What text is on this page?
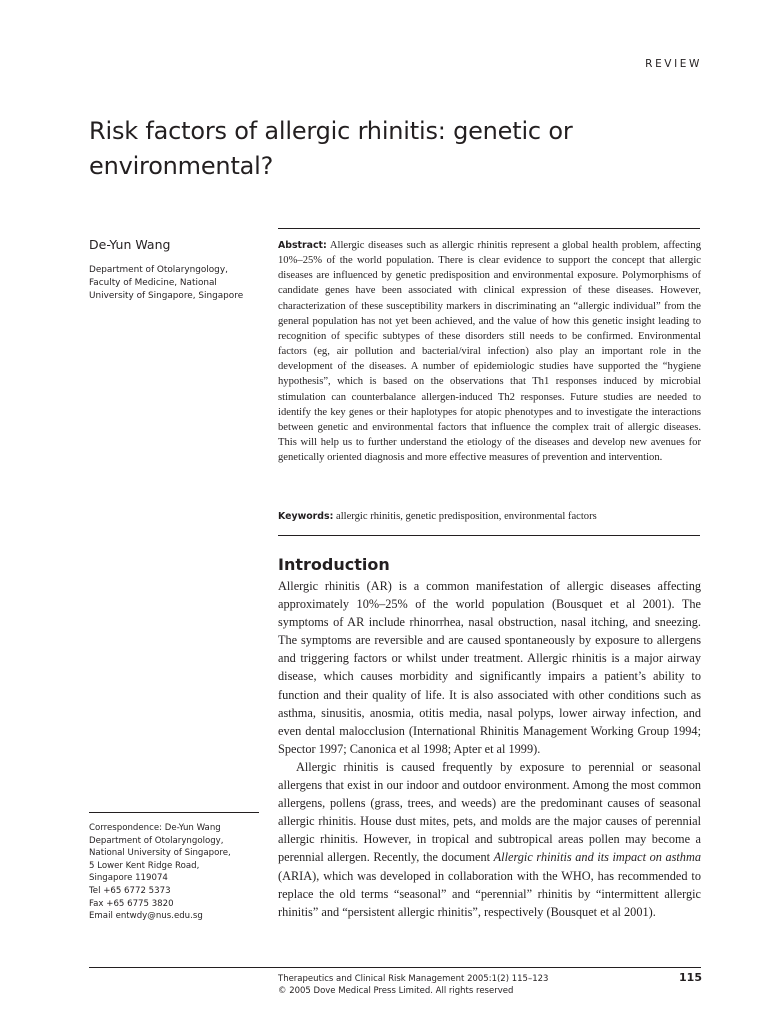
REVIEW
Risk factors of allergic rhinitis: genetic or environmental?
De-Yun Wang
Department of Otolaryngology,
Faculty of Medicine, National
University of Singapore, Singapore

Abstract: Allergic diseases such as allergic rhinitis represent a global health problem, affecting 10%–25% of the world population. There is clear evidence to support the concept that allergic diseases are influenced by genetic predisposition and environmental exposure. Polymorphisms of candidate genes have been associated with clinical expression of these diseases. However, characterization of these susceptibility markers in discriminating an “allergic individual” from the general population has not yet been achieved, and the value of how this genetic insight leading to recognition of specific subtypes of these disorders still needs to be confirmed. Environmental factors (eg, air pollution and bacterial/viral infection) also play an important role in the development of the diseases. A number of epidemiologic studies have supported the “hygiene hypothesis”, which is based on the observations that Th1 responses induced by microbial stimulation can counterbalance allergen-induced Th2 responses. Future studies are needed to identify the key genes or their haplotypes for atopic phenotypes and to investigate the interactions between genetic and environmental factors that influence the complex trait of allergic diseases. This will help us to further understand the etiology of the diseases and develop new avenues for genetically oriented diagnosis and more effective measures of prevention and intervention.

Keywords: allergic rhinitis, genetic predisposition, environmental factors
Introduction

Allergic rhinitis (AR) is a common manifestation of allergic diseases affecting approximately 10%–25% of the world population (Bousquet et al 2001). The symptoms of AR include rhinorrhea, nasal obstruction, nasal itching, and sneezing. The symptoms are reversible and are caused spontaneously by exposure to allergens and triggering factors or whilst under treatment. Allergic rhinitis is a major airway disease, which causes morbidity and significantly impairs a patient’s ability to function and their quality of life. It is also associated with other conditions such as asthma, sinusitis, anosmia, otitis media, nasal polyps, lower airway infection, and even dental malocclusion (International Rhinitis Management Working Group 1994; Spector 1997; Canonica et al 1998; Apter et al 1999).

Allergic rhinitis is caused frequently by exposure to perennial or seasonal allergens that exist in our indoor and outdoor environment. Among the most common allergens, pollens (grass, trees, and weeds) are the predominant causes of seasonal allergic rhinitis. House dust mites, pets, and molds are the major causes of perennial allergic rhinitis. However, in tropical and subtropical areas pollen may become a perennial allergen. Recently, the document Allergic rhinitis and its impact on asthma (ARIA), which was developed in collaboration with the WHO, has recommended to replace the old terms “seasonal” and “perennial” rhinitis by “intermittent allergic rhinitis” and “persistent allergic rhinitis”, respectively (Bousquet et al 2001).

Correspondence: De-Yun Wang
Department of Otolaryngology,
National University of Singapore,
5 Lower Kent Ridge Road,
Singapore 119074
Tel +65 6772 5373
Fax +65 6775 3820
Email entwdy@nus.edu.sg
Therapeutics and Clinical Risk Management 2005:1(2) 115–123
© 2005 Dove Medical Press Limited. All rights reserved
115
